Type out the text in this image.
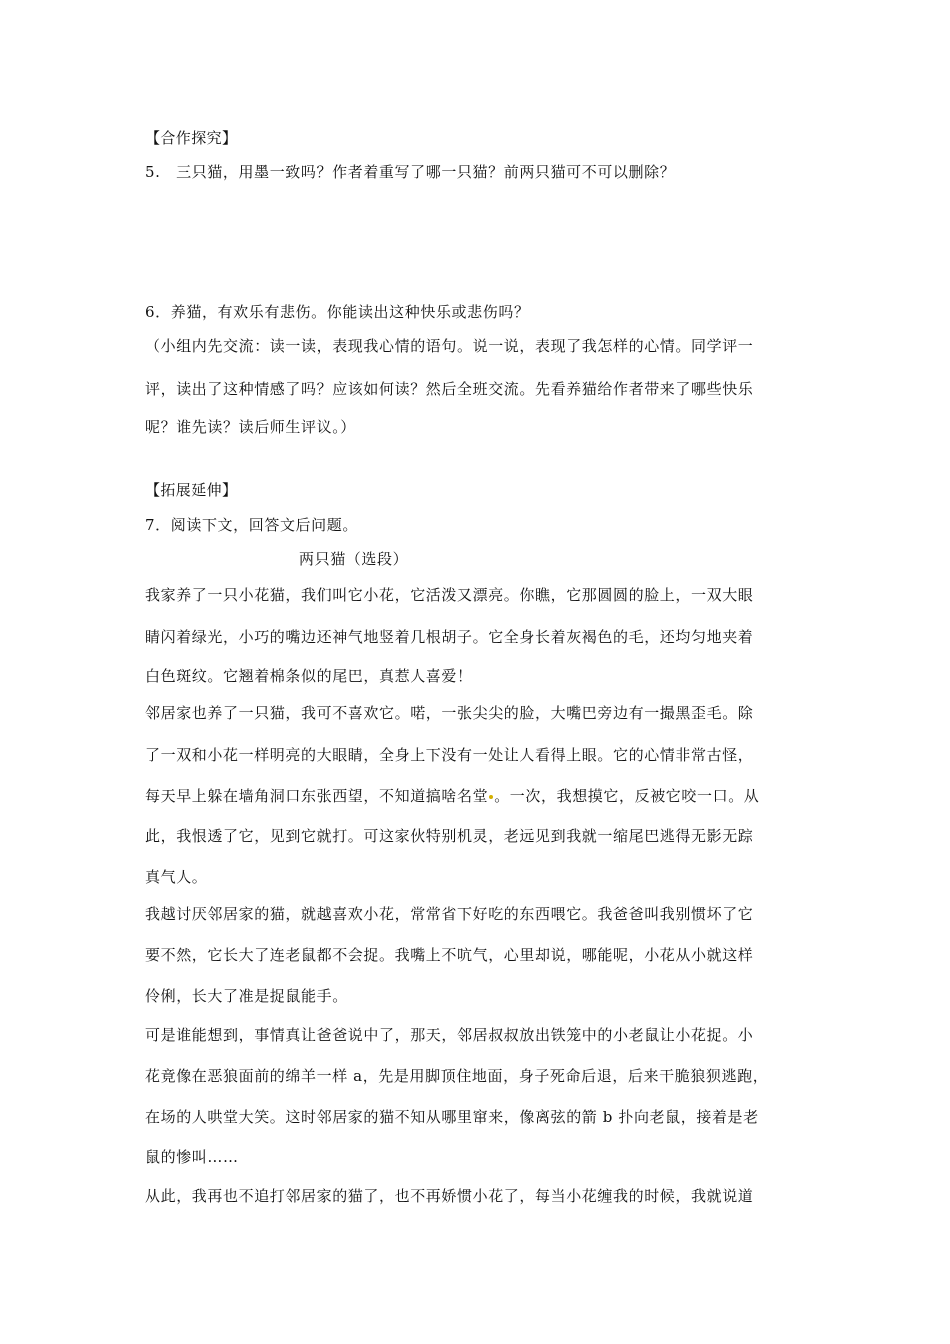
【合作探究】
5.　三只猫，用墨一致吗？作者着重写了哪一只猫？前两只猫可不可以删除？
6．养猫，有欢乐有悲伤。你能读出这种快乐或悲伤吗？
（小组内先交流：读一读，表现我心情的语句。说一说，表现了我怎样的心情。同学评一
评，读出了这种情感了吗？应该如何读？然后全班交流。先看养猫给作者带来了哪些快乐
呢？谁先读？读后师生评议。）
【拓展延伸】
7．阅读下文，回答文后问题。
两只猫（选段）
我家养了一只小花猫，我们叫它小花，它活泼又漂亮。你瞧，它那圆圆的脸上，一双大眼
睛闪着绿光，小巧的嘴边还神气地竖着几根胡子。它全身长着灰褐色的毛，还均匀地夹着
白色斑纹。它翘着棉条似的尾巴，真惹人喜爱！
邻居家也养了一只猫，我可不喜欢它。喏，一张尖尖的脸，大嘴巴旁边有一撮黑歪毛。除
了一双和小花一样明亮的大眼睛，全身上下没有一处让人看得上眼。它的心情非常古怪，
每天早上躲在墙角洞口东张西望，不知道搞啥名堂 。一次，我想摸它，反被它咬一口。从
此，我恨透了它，见到它就打。可这家伙特别机灵，老远见到我就一缩尾巴逃得无影无踪
真气人。
我越讨厌邻居家的猫，就越喜欢小花，常常省下好吃的东西喂它。我爸爸叫我别惯坏了它
要不然，它长大了连老鼠都不会捉。我嘴上不吭气，心里却说，哪能呢，小花从小就这样
伶俐，长大了准是捉鼠能手。
可是谁能想到，事情真让爸爸说中了，那天，邻居叔叔放出铁笼中的小老鼠让小花捉。小
花竟像在恶狼面前的绵羊一样 a，先是用脚顶住地面，身子死命后退，后来干脆狼狈逃跑，
在场的人哄堂大笑。这时邻居家的猫不知从哪里窜来，像离弦的箭 b 扑向老鼠，接着是老
鼠的惨叫……
从此，我再也不追打邻居家的猫了，也不再娇惯小花了，每当小花缠我的时候，我就说道
